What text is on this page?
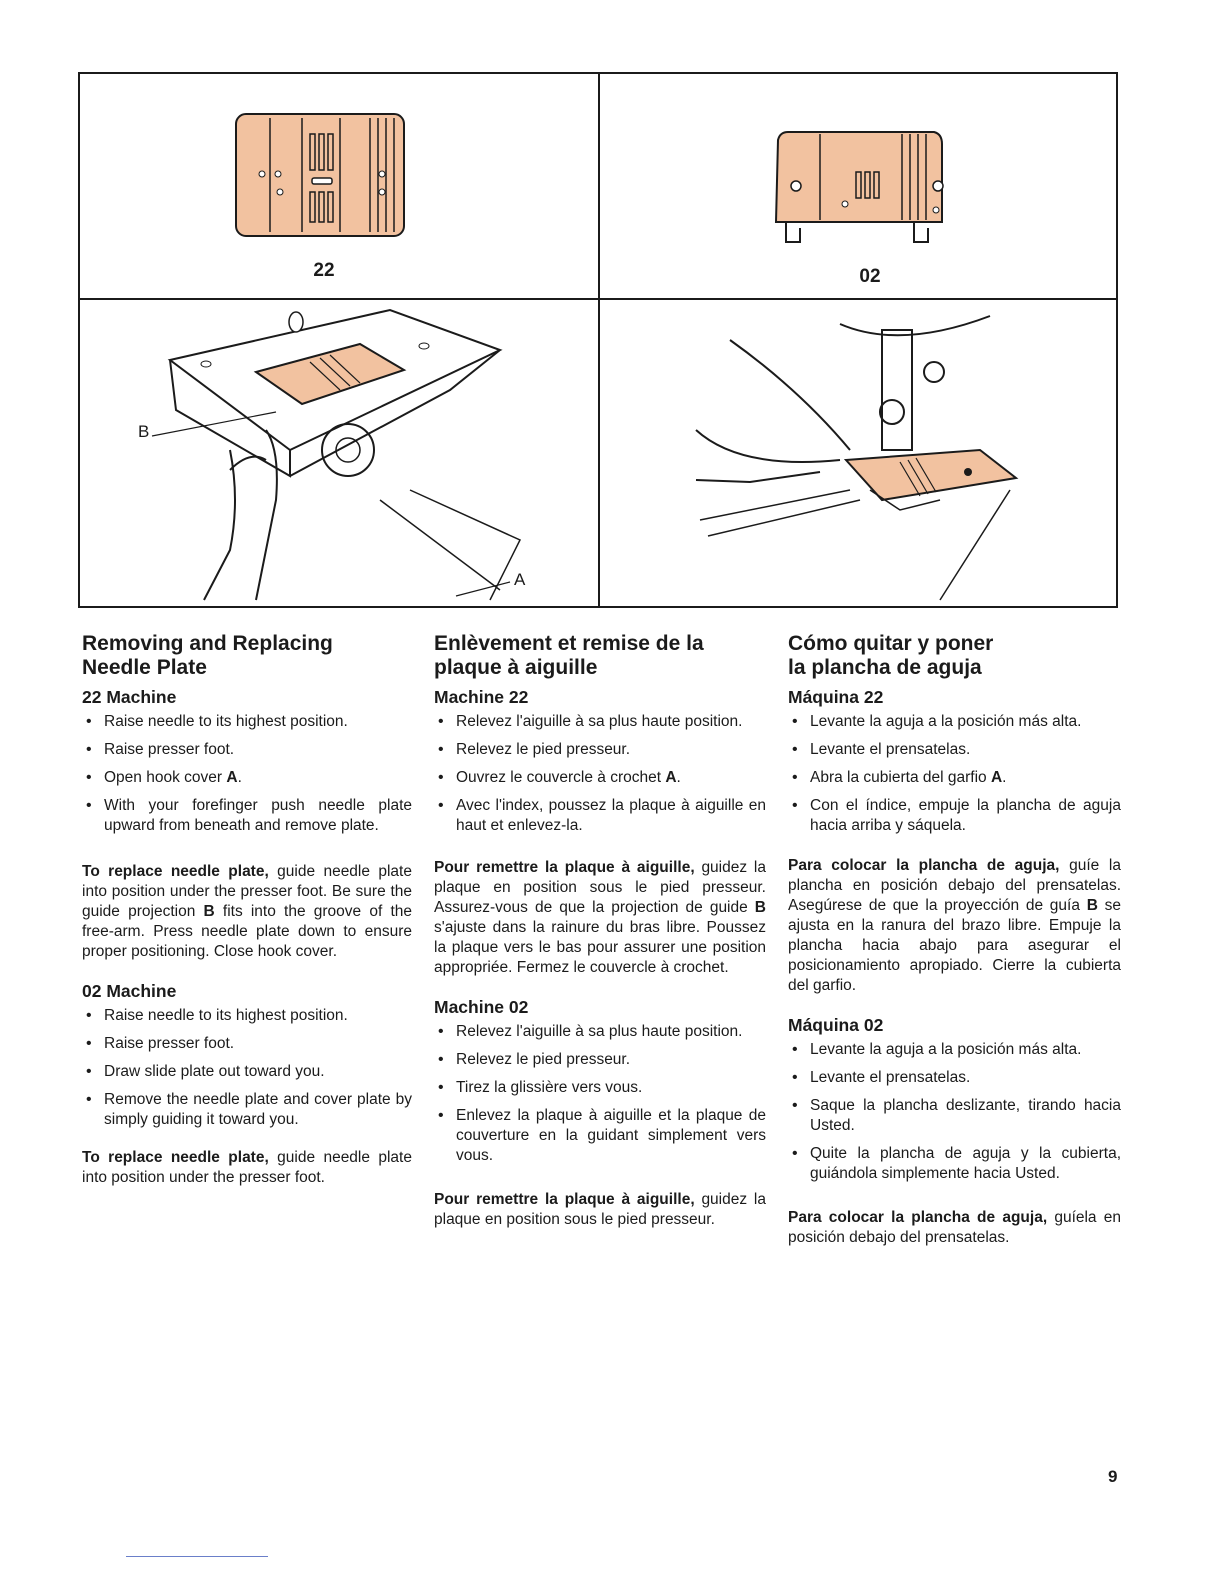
22	02
B
A
Removing and Replacing
Needle Plate
22 Machine
• Raise needle to its highest position.
• Raise presser foot.
• Open hook cover A.
• With your forefinger push needle plate upward from beneath and remove plate.

To replace needle plate, guide needle plate into position under the presser foot. Be sure the guide projection B fits into the groove of the free-arm. Press needle plate down to ensure proper positioning. Close hook cover.

02 Machine
• Raise needle to its highest position.
• Raise presser foot.
• Draw slide plate out toward you.
• Remove the needle plate and cover plate by simply guiding it toward you.

To replace needle plate, guide needle plate into position under the presser foot.

Enlèvement et remise de la
plaque à aiguille
Machine 22
• Relevez l'aiguille à sa plus haute position.
• Relevez le pied presseur.
• Ouvrez le couvercle à crochet A.
• Avec l'index, poussez la plaque à aiguille en haut et enlevez-la.

Pour remettre la plaque à aiguille, guidez la plaque en position sous le pied presseur. Assurez-vous de que la projection de guide B s'ajuste dans la rainure du bras libre. Poussez la plaque vers le bas pour assurer une position appropriée. Fermez le couvercle à crochet.

Machine 02
• Relevez l'aiguille à sa plus haute position.
• Relevez le pied presseur.
• Tirez la glissière vers vous.
• Enlevez la plaque à aiguille et la plaque de couverture en la guidant simplement vers vous.

Pour remettre la plaque à aiguille, guidez la plaque en position sous le pied presseur.

Cómo quitar y poner
la plancha de aguja
Máquina 22
• Levante la aguja a la posición más alta.
• Levante el prensatelas.
• Abra la cubierta del garfio A.
• Con el índice, empuje la plancha de aguja hacia arriba y sáquela.

Para colocar la plancha de aguja, guíe la plancha en posición debajo del prensatelas. Asegúrese de que la proyección de guía B se ajusta en la ranura del brazo libre. Empuje la plancha hacia abajo para asegurar el posicionamiento apropiado. Cierre la cubierta del garfio.

Máquina 02
• Levante la aguja a la posición más alta.
• Levante el prensatelas.
• Saque la plancha deslizante, tirando hacia Usted.
• Quite la plancha de aguja y la cubierta, guiándola simplemente hacia Usted.

Para colocar la plancha de aguja, guíela en posición debajo del prensatelas.

9
